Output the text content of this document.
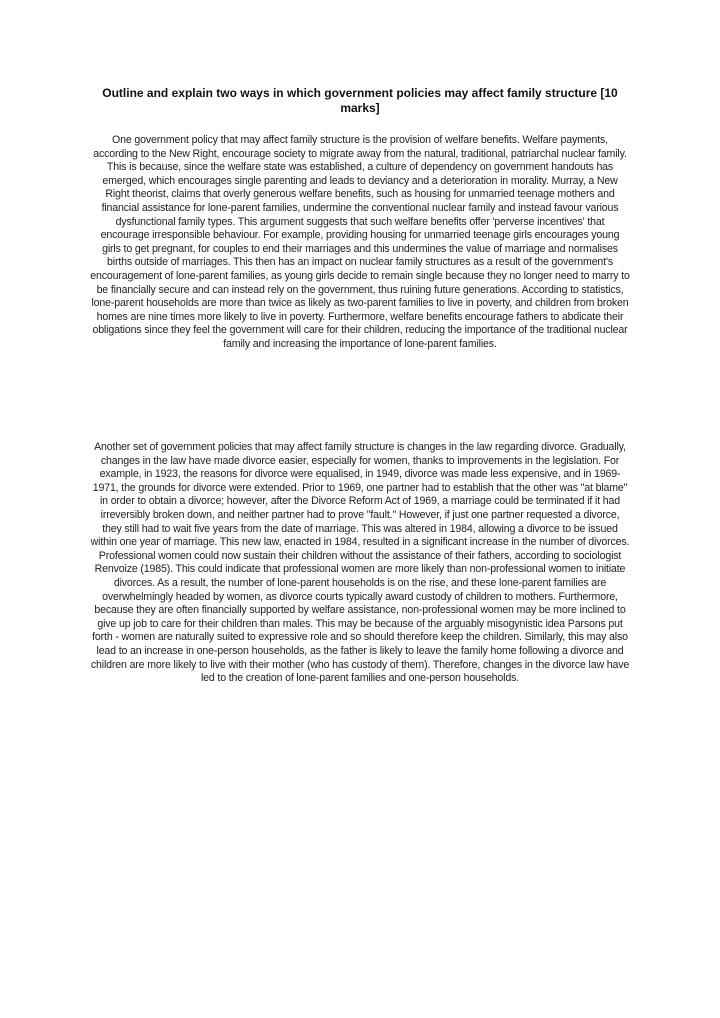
Outline and explain two ways in which government policies may affect family structure [10 marks]

One government policy that may affect family structure is the provision of welfare benefits. Welfare payments, according to the New Right, encourage society to migrate away from the natural, traditional, patriarchal nuclear family. This is because, since the welfare state was established, a culture of dependency on government handouts has emerged, which encourages single parenting and leads to deviancy and a deterioration in morality. Murray, a New Right theorist, claims that overly generous welfare benefits, such as housing for unmarried teenage mothers and financial assistance for lone-parent families, undermine the conventional nuclear family and instead favour various dysfunctional family types. This argument suggests that such welfare benefits offer 'perverse incentives' that encourage irresponsible behaviour. For example, providing housing for unmarried teenage girls encourages young girls to get pregnant, for couples to end their marriages and this undermines the value of marriage and normalises births outside of marriages. This then has an impact on nuclear family structures as a result of the government's encouragement of lone-parent families, as young girls decide to remain single because they no longer need to marry to be financially secure and can instead rely on the government, thus ruining future generations. According to statistics, lone-parent households are more than twice as likely as two-parent families to live in poverty, and children from broken homes are nine times more likely to live in poverty. Furthermore, welfare benefits encourage fathers to abdicate their obligations since they feel the government will care for their children, reducing the importance of the traditional nuclear family and increasing the importance of lone-parent families.

Another set of government policies that may affect family structure is changes in the law regarding divorce. Gradually, changes in the law have made divorce easier, especially for women, thanks to improvements in the legislation. For example, in 1923, the reasons for divorce were equalised, in 1949, divorce was made less expensive, and in 1969-1971, the grounds for divorce were extended. Prior to 1969, one partner had to establish that the other was "at blame" in order to obtain a divorce; however, after the Divorce Reform Act of 1969, a marriage could be terminated if it had irreversibly broken down, and neither partner had to prove "fault." However, if just one partner requested a divorce, they still had to wait five years from the date of marriage. This was altered in 1984, allowing a divorce to be issued within one year of marriage. This new law, enacted in 1984, resulted in a significant increase in the number of divorces. Professional women could now sustain their children without the assistance of their fathers, according to sociologist Renvoize (1985). This could indicate that professional women are more likely than non-professional women to initiate divorces. As a result, the number of lone-parent households is on the rise, and these lone-parent families are overwhelmingly headed by women, as divorce courts typically award custody of children to mothers. Furthermore, because they are often financially supported by welfare assistance, non-professional women may be more inclined to give up job to care for their children than males. This may be because of the arguably misogynistic idea Parsons put forth - women are naturally suited to expressive role and so should therefore keep the children. Similarly, this may also lead to an increase in one-person households, as the father is likely to leave the family home following a divorce and children are more likely to live with their mother (who has custody of them). Therefore, changes in the divorce law have led to the creation of lone-parent families and one-person households.
